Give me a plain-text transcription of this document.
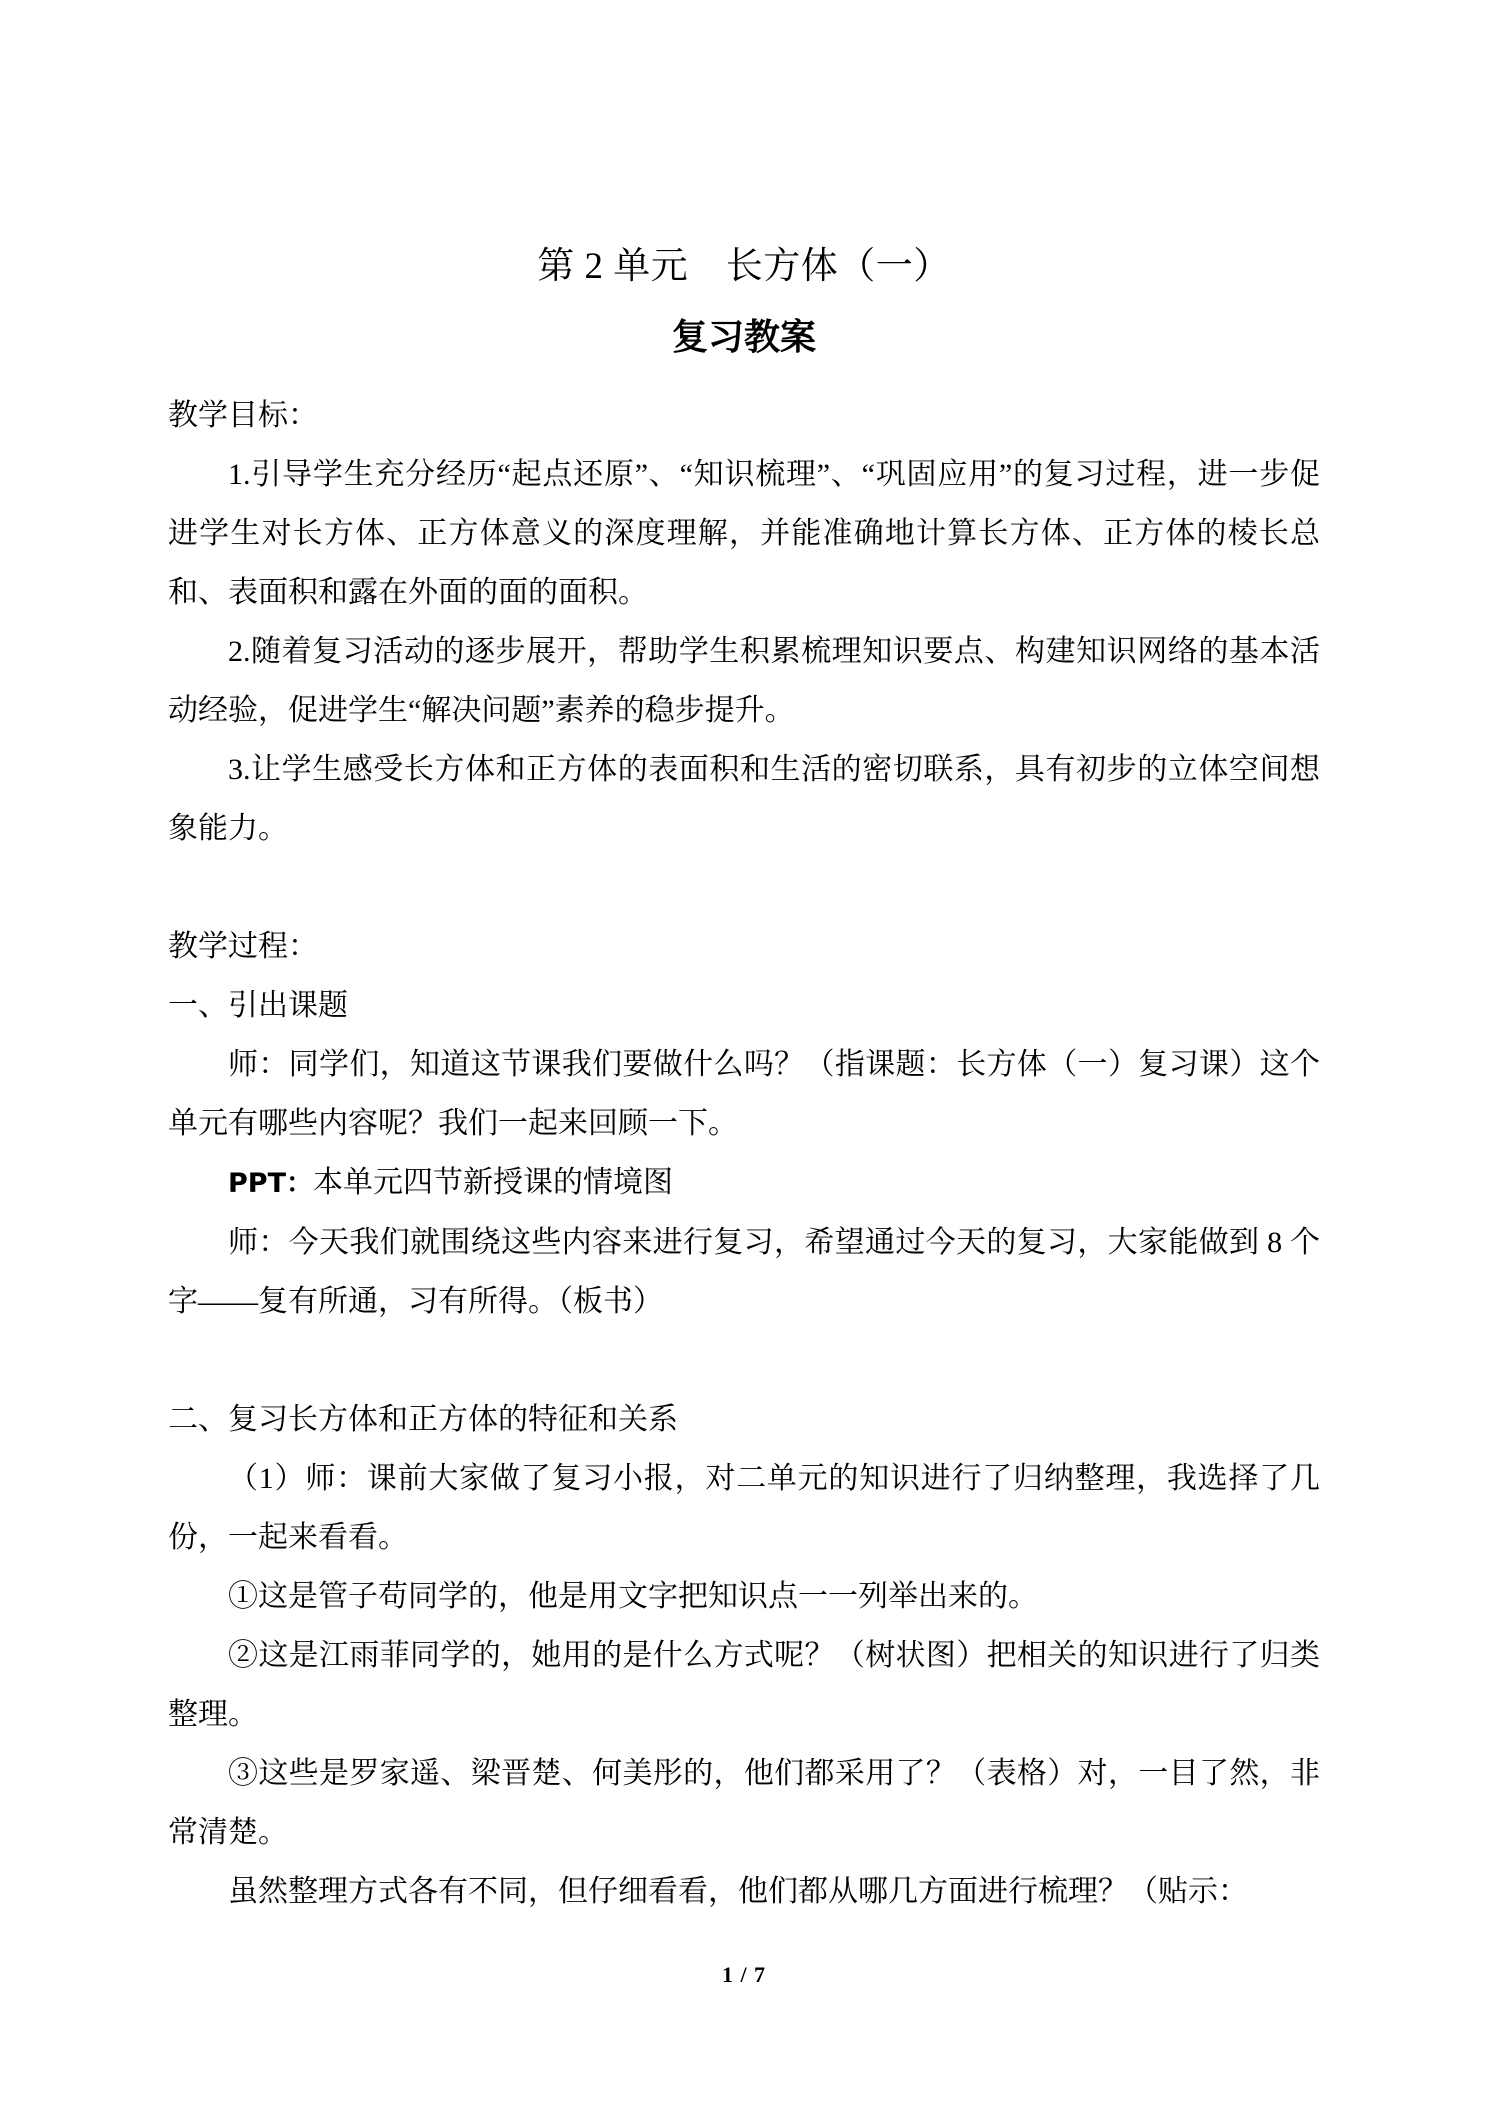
第 2 单元　长方体（一）
复习教案

教学目标：

1.引导学生充分经历“起点还原”、“知识梳理”、“巩固应用”的复习过程，进一步促进学生对长方体、正方体意义的深度理解，并能准确地计算长方体、正方体的棱长总和、表面积和露在外面的面的面积。

2.随着复习活动的逐步展开，帮助学生积累梳理知识要点、构建知识网络的基本活动经验，促进学生“解决问题”素养的稳步提升。

3.让学生感受长方体和正方体的表面积和生活的密切联系，具有初步的立体空间想象能力。

教学过程：

一、引出课题

师：同学们，知道这节课我们要做什么吗？（指课题：长方体（一）复习课）这个单元有哪些内容呢？我们一起来回顾一下。

PPT：本单元四节新授课的情境图

师：今天我们就围绕这些内容来进行复习，希望通过今天的复习，大家能做到 8 个字——复有所通，习有所得。（板书）

二、复习长方体和正方体的特征和关系

（1）师：课前大家做了复习小报，对二单元的知识进行了归纳整理，我选择了几份，一起来看看。

①这是管子苟同学的，他是用文字把知识点一一列举出来的。

②这是江雨菲同学的，她用的是什么方式呢？（树状图）把相关的知识进行了归类整理。

③这些是罗家遥、梁晋楚、何美彤的，他们都采用了？（表格）对，一目了然，非常清楚。

虽然整理方式各有不同，但仔细看看，他们都从哪几方面进行梳理？（贴示：

1 / 7
